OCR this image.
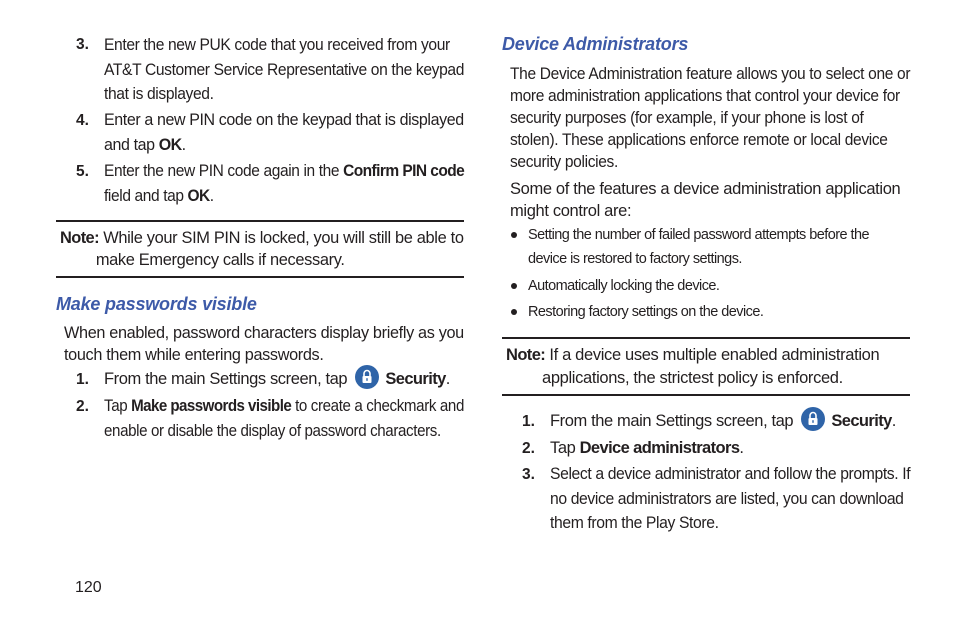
3. Enter the new PUK code that you received from your
AT&T Customer Service Representative on the keypad
that is displayed.
4. Enter a new PIN code on the keypad that is displayed
and tap OK.
5. Enter the new PIN code again in the Confirm PIN code
field and tap OK.
Note: While your SIM PIN is locked, you will still be able to
make Emergency calls if necessary.
Make passwords visible
When enabled, password characters display briefly as you
touch them while entering passwords.
1. From the main Settings screen, tap
Security.
2. Tap Make passwords visible to create a checkmark and
enable or disable the display of password characters.
120
Device Administrators
The Device Administration feature allows you to select one or
more administration applications that control your device for
security purposes (for example, if your phone is lost of
stolen). These applications enforce remote or local device
security policies.
Some of the features a device administration application
might control are:
Setting the number of failed password attempts before the
device is restored to factory settings.
Automatically locking the device.
Restoring factory settings on the device.
Note: If a device uses multiple enabled administration
applications, the strictest policy is enforced.
1. From the main Settings screen, tap
Security.
2. Tap Device administrators.
3. Select a device administrator and follow the prompts. If
no device administrators are listed, you can download
them from the Play Store.
